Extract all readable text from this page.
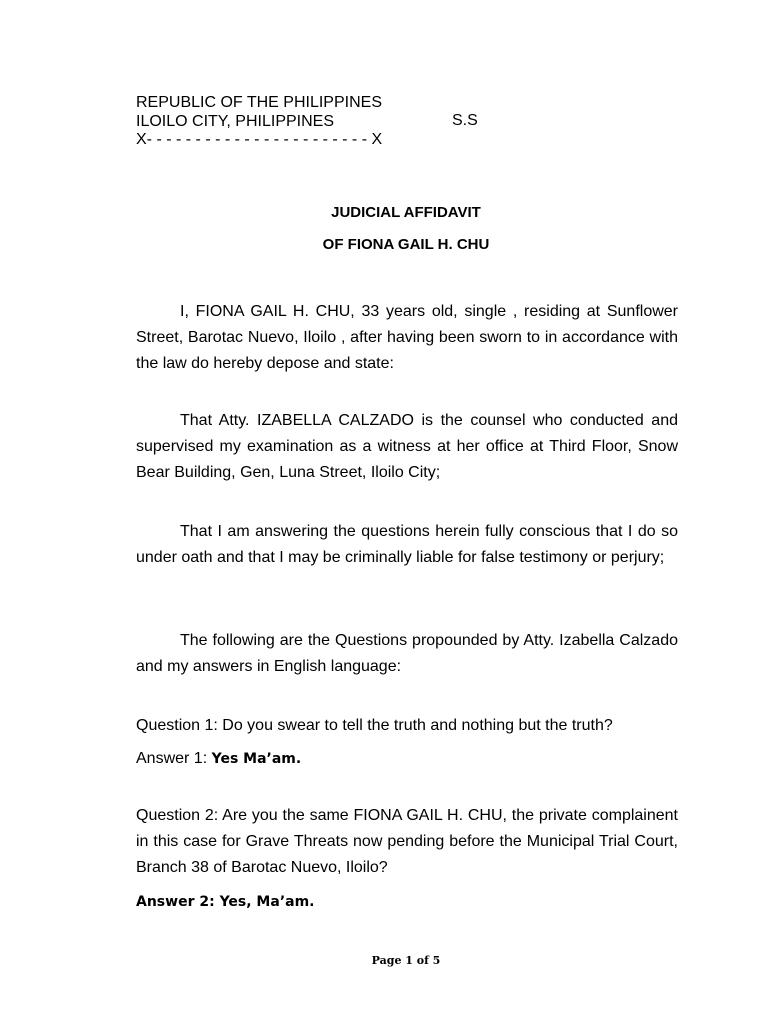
REPUBLIC OF THE PHILIPPINES
ILOILO CITY, PHILIPPINES
X- - - - - - - - - - - - - - - - - - - - - - - X
S.S
JUDICIAL AFFIDAVIT
OF FIONA GAIL H. CHU
I, FIONA GAIL H. CHU, 33 years old, single , residing at Sunflower Street, Barotac Nuevo, Iloilo , after having been sworn to in accordance with the law do hereby depose and state:
That Atty. IZABELLA CALZADO is the counsel who conducted and supervised my examination as a witness at her office at Third Floor, Snow Bear Building, Gen, Luna Street, Iloilo City;
That I am answering the questions herein fully conscious that I do so under oath and that I may be criminally liable for false testimony or perjury;
The following are the Questions propounded by Atty. Izabella Calzado and my answers in English language:
Question 1: Do you swear to tell the truth and nothing but the truth?
Answer 1: Yes Ma’am.
Question 2: Are you the same FIONA GAIL H. CHU, the private complainent in this case for Grave Threats now pending before the Municipal Trial Court, Branch 38 of Barotac Nuevo, Iloilo?
Answer 2: Yes, Ma’am.
Page 1 of 5
